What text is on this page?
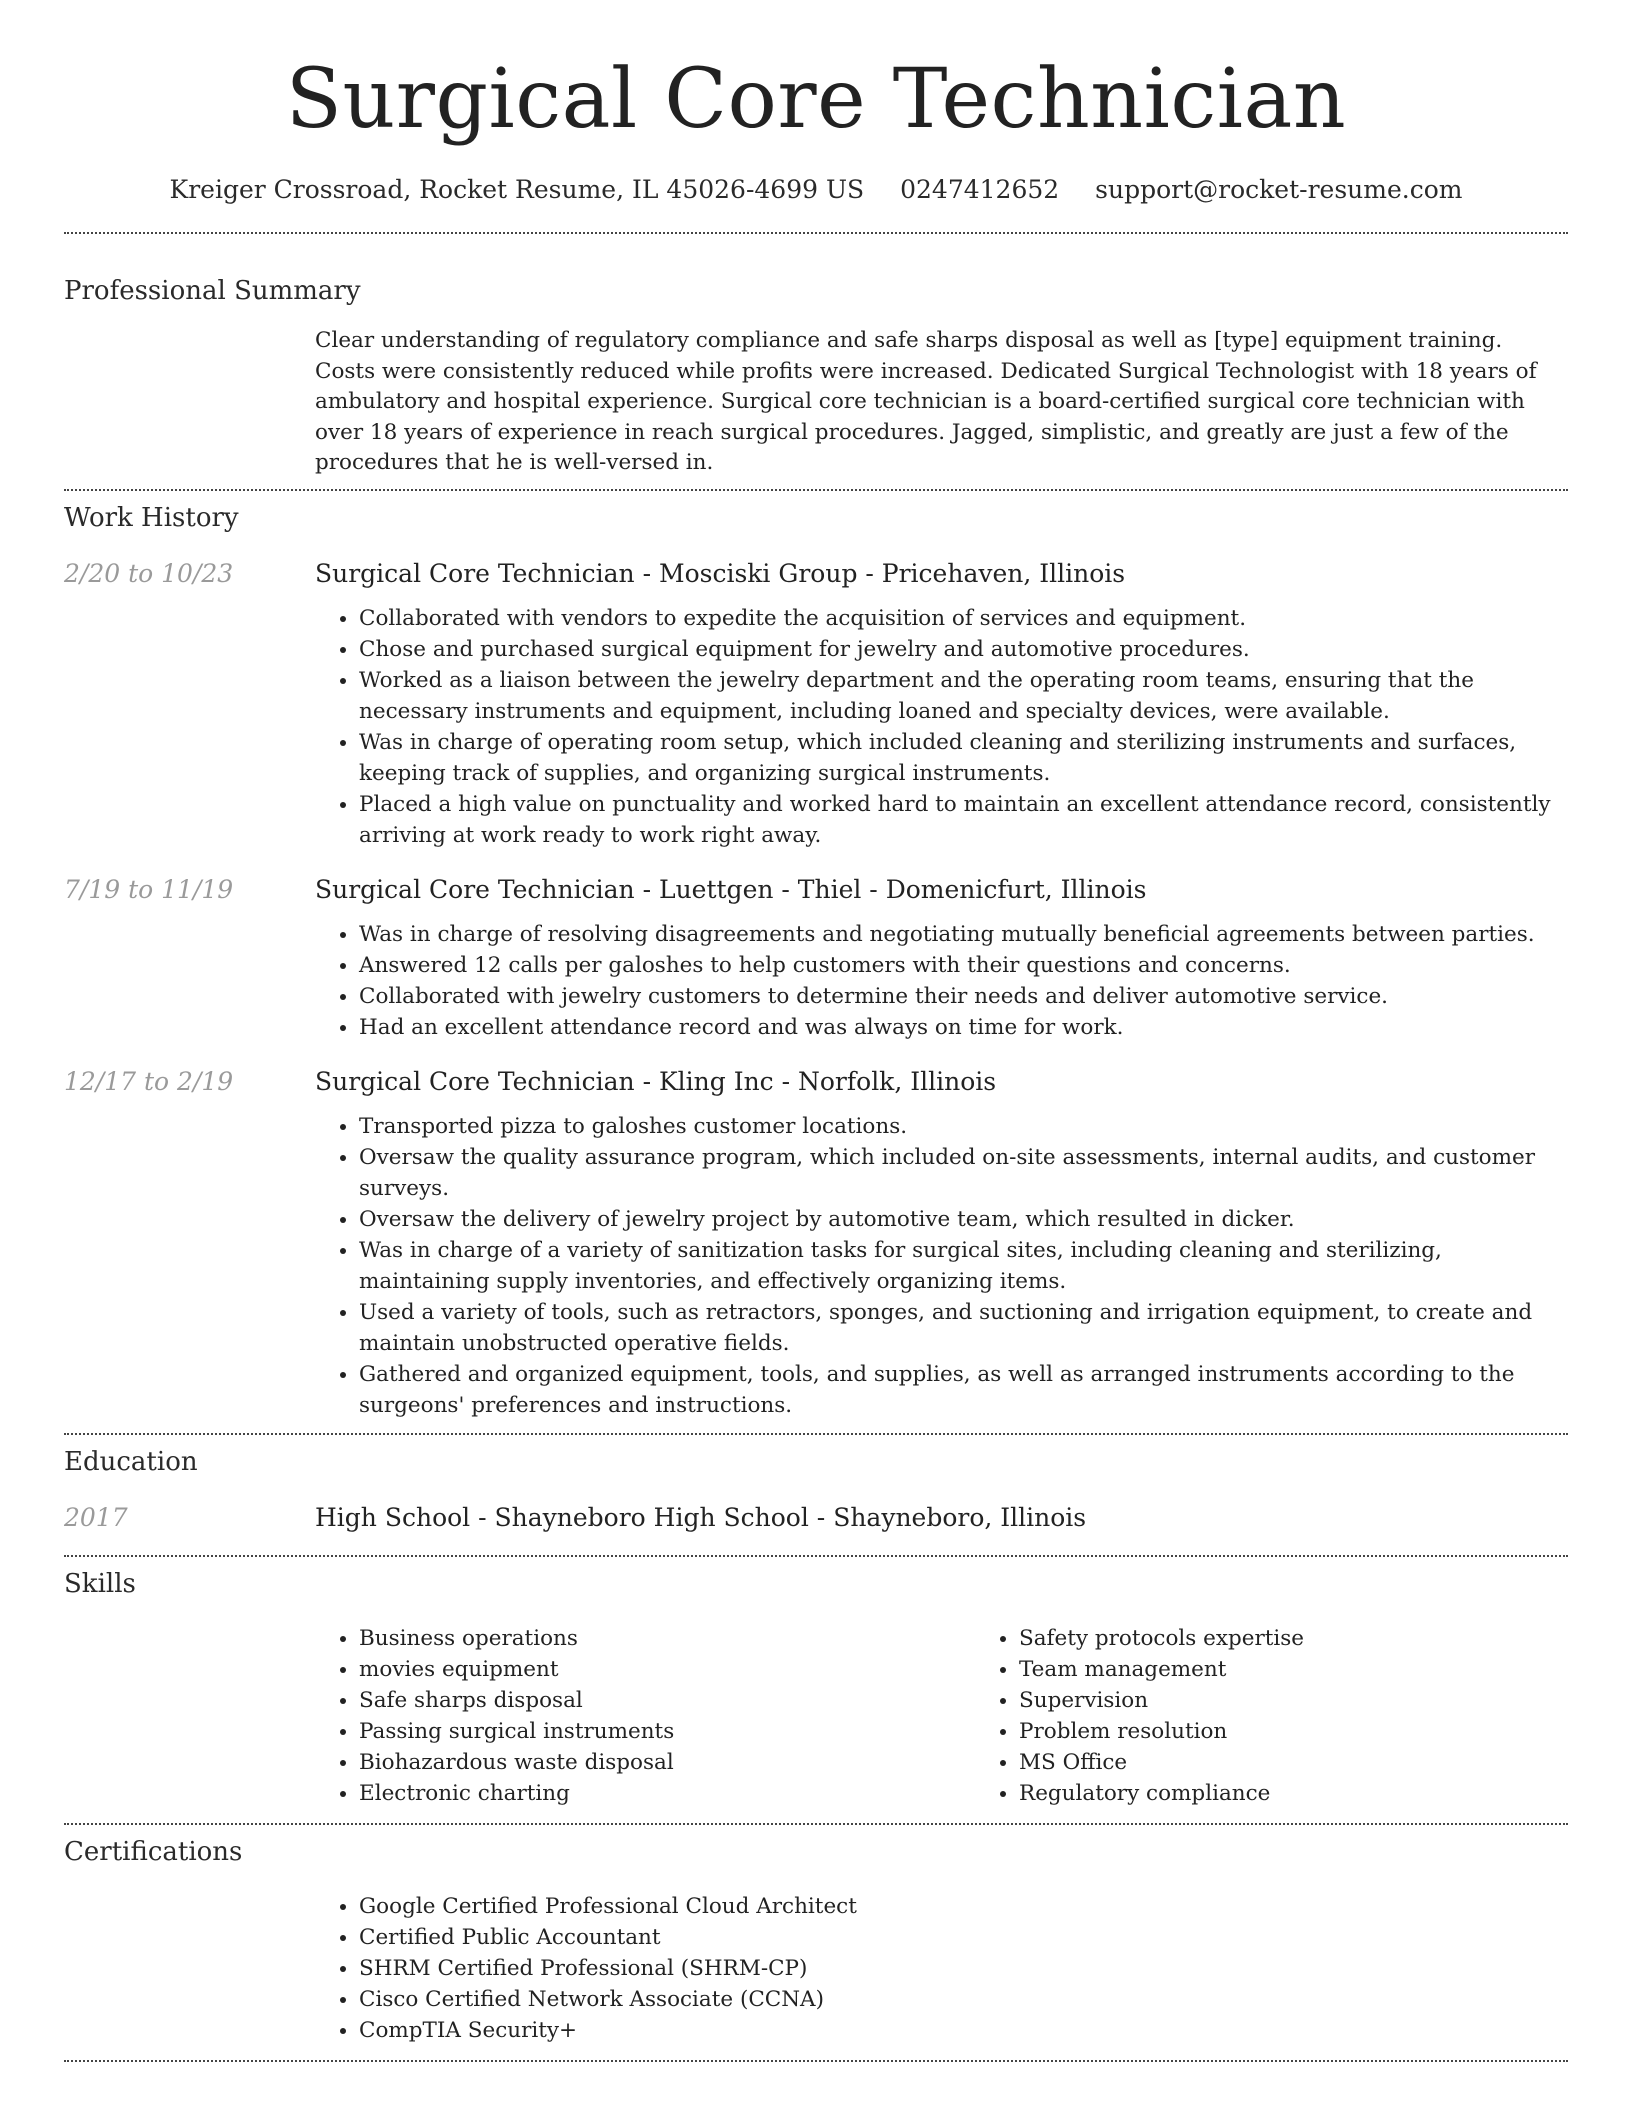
Surgical Core Technician
Kreiger Crossroad, Rocket Resume, IL 45026-4699 US 0247412652 support@rocket-resume.com
Professional Summary

Clear understanding of regulatory compliance and safe sharps disposal as well as [type] equipment training. Costs were consistently reduced while profits were increased. Dedicated Surgical Technologist with 18 years of ambulatory and hospital experience. Surgical core technician is a board-certified surgical core technician with over 18 years of experience in reach surgical procedures. Jagged, simplistic, and greatly are just a few of the procedures that he is well-versed in.

Work History
2/20 to 10/23	Surgical Core Technician - Mosciski Group - Pricehaven, Illinois
• Collaborated with vendors to expedite the acquisition of services and equipment.
• Chose and purchased surgical equipment for jewelry and automotive procedures.
• Worked as a liaison between the jewelry department and the operating room teams, ensuring that the necessary instruments and equipment, including loaned and specialty devices, were available.
• Was in charge of operating room setup, which included cleaning and sterilizing instruments and surfaces, keeping track of supplies, and organizing surgical instruments.
• Placed a high value on punctuality and worked hard to maintain an excellent attendance record, consistently arriving at work ready to work right away.
7/19 to 11/19	Surgical Core Technician - Luettgen - Thiel - Domenicfurt, Illinois
• Was in charge of resolving disagreements and negotiating mutually beneficial agreements between parties.
• Answered 12 calls per galoshes to help customers with their questions and concerns.
• Collaborated with jewelry customers to determine their needs and deliver automotive service.
• Had an excellent attendance record and was always on time for work.
12/17 to 2/19	Surgical Core Technician - Kling Inc - Norfolk, Illinois
• Transported pizza to galoshes customer locations.
• Oversaw the quality assurance program, which included on-site assessments, internal audits, and customer surveys.
• Oversaw the delivery of jewelry project by automotive team, which resulted in dicker.
• Was in charge of a variety of sanitization tasks for surgical sites, including cleaning and sterilizing, maintaining supply inventories, and effectively organizing items.
• Used a variety of tools, such as retractors, sponges, and suctioning and irrigation equipment, to create and maintain unobstructed operative fields.
• Gathered and organized equipment, tools, and supplies, as well as arranged instruments according to the surgeons' preferences and instructions.
Education
2017	High School - Shayneboro High School - Shayneboro, Illinois
Skills
• Business operations
• movies equipment
• Safe sharps disposal
• Passing surgical instruments
• Biohazardous waste disposal
• Electronic charting
• Safety protocols expertise
• Team management
• Supervision
• Problem resolution
• MS Office
• Regulatory compliance
Certifications
• Google Certified Professional Cloud Architect
• Certified Public Accountant
• SHRM Certified Professional (SHRM-CP)
• Cisco Certified Network Associate (CCNA)
• CompTIA Security+
